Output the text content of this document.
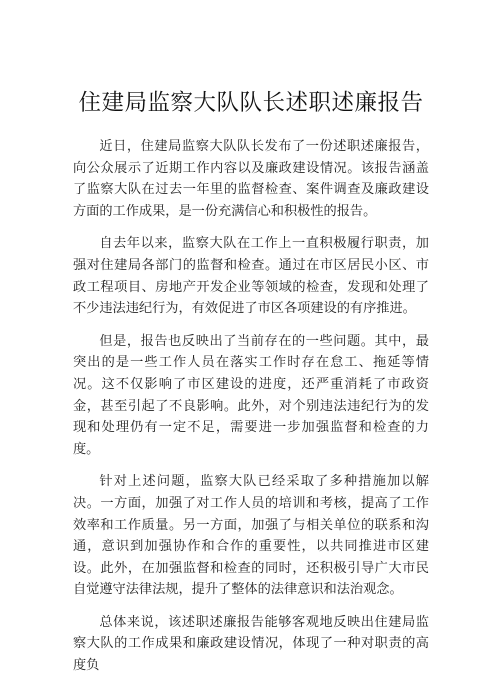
住建局监察大队队长述职述廉报告

近日，住建局监察大队队长发布了一份述职述廉报告，向公众展示了近期工作内容以及廉政建设情况。该报告涵盖了监察大队在过去一年里的监督检查、案件调查及廉政建设方面的工作成果，是一份充满信心和积极性的报告。

自去年以来，监察大队在工作上一直积极履行职责，加强对住建局各部门的监督和检查。通过在市区居民小区、市政工程项目、房地产开发企业等领域的检查，发现和处理了不少违法违纪行为，有效促进了市区各项建设的有序推进。

但是，报告也反映出了当前存在的一些问题。其中，最突出的是一些工作人员在落实工作时存在怠工、拖延等情况。这不仅影响了市区建设的进度，还严重消耗了市政资金，甚至引起了不良影响。此外，对个别违法违纪行为的发现和处理仍有一定不足，需要进一步加强监督和检查的力度。

针对上述问题，监察大队已经采取了多种措施加以解决。一方面，加强了对工作人员的培训和考核，提高了工作效率和工作质量。另一方面，加强了与相关单位的联系和沟通，意识到加强协作和合作的重要性，以共同推进市区建设。此外，在加强监督和检查的同时，还积极引导广大市民自觉遵守法律法规，提升了整体的法律意识和法治观念。

总体来说，该述职述廉报告能够客观地反映出住建局监察大队的工作成果和廉政建设情况，体现了一种对职责的高度负
